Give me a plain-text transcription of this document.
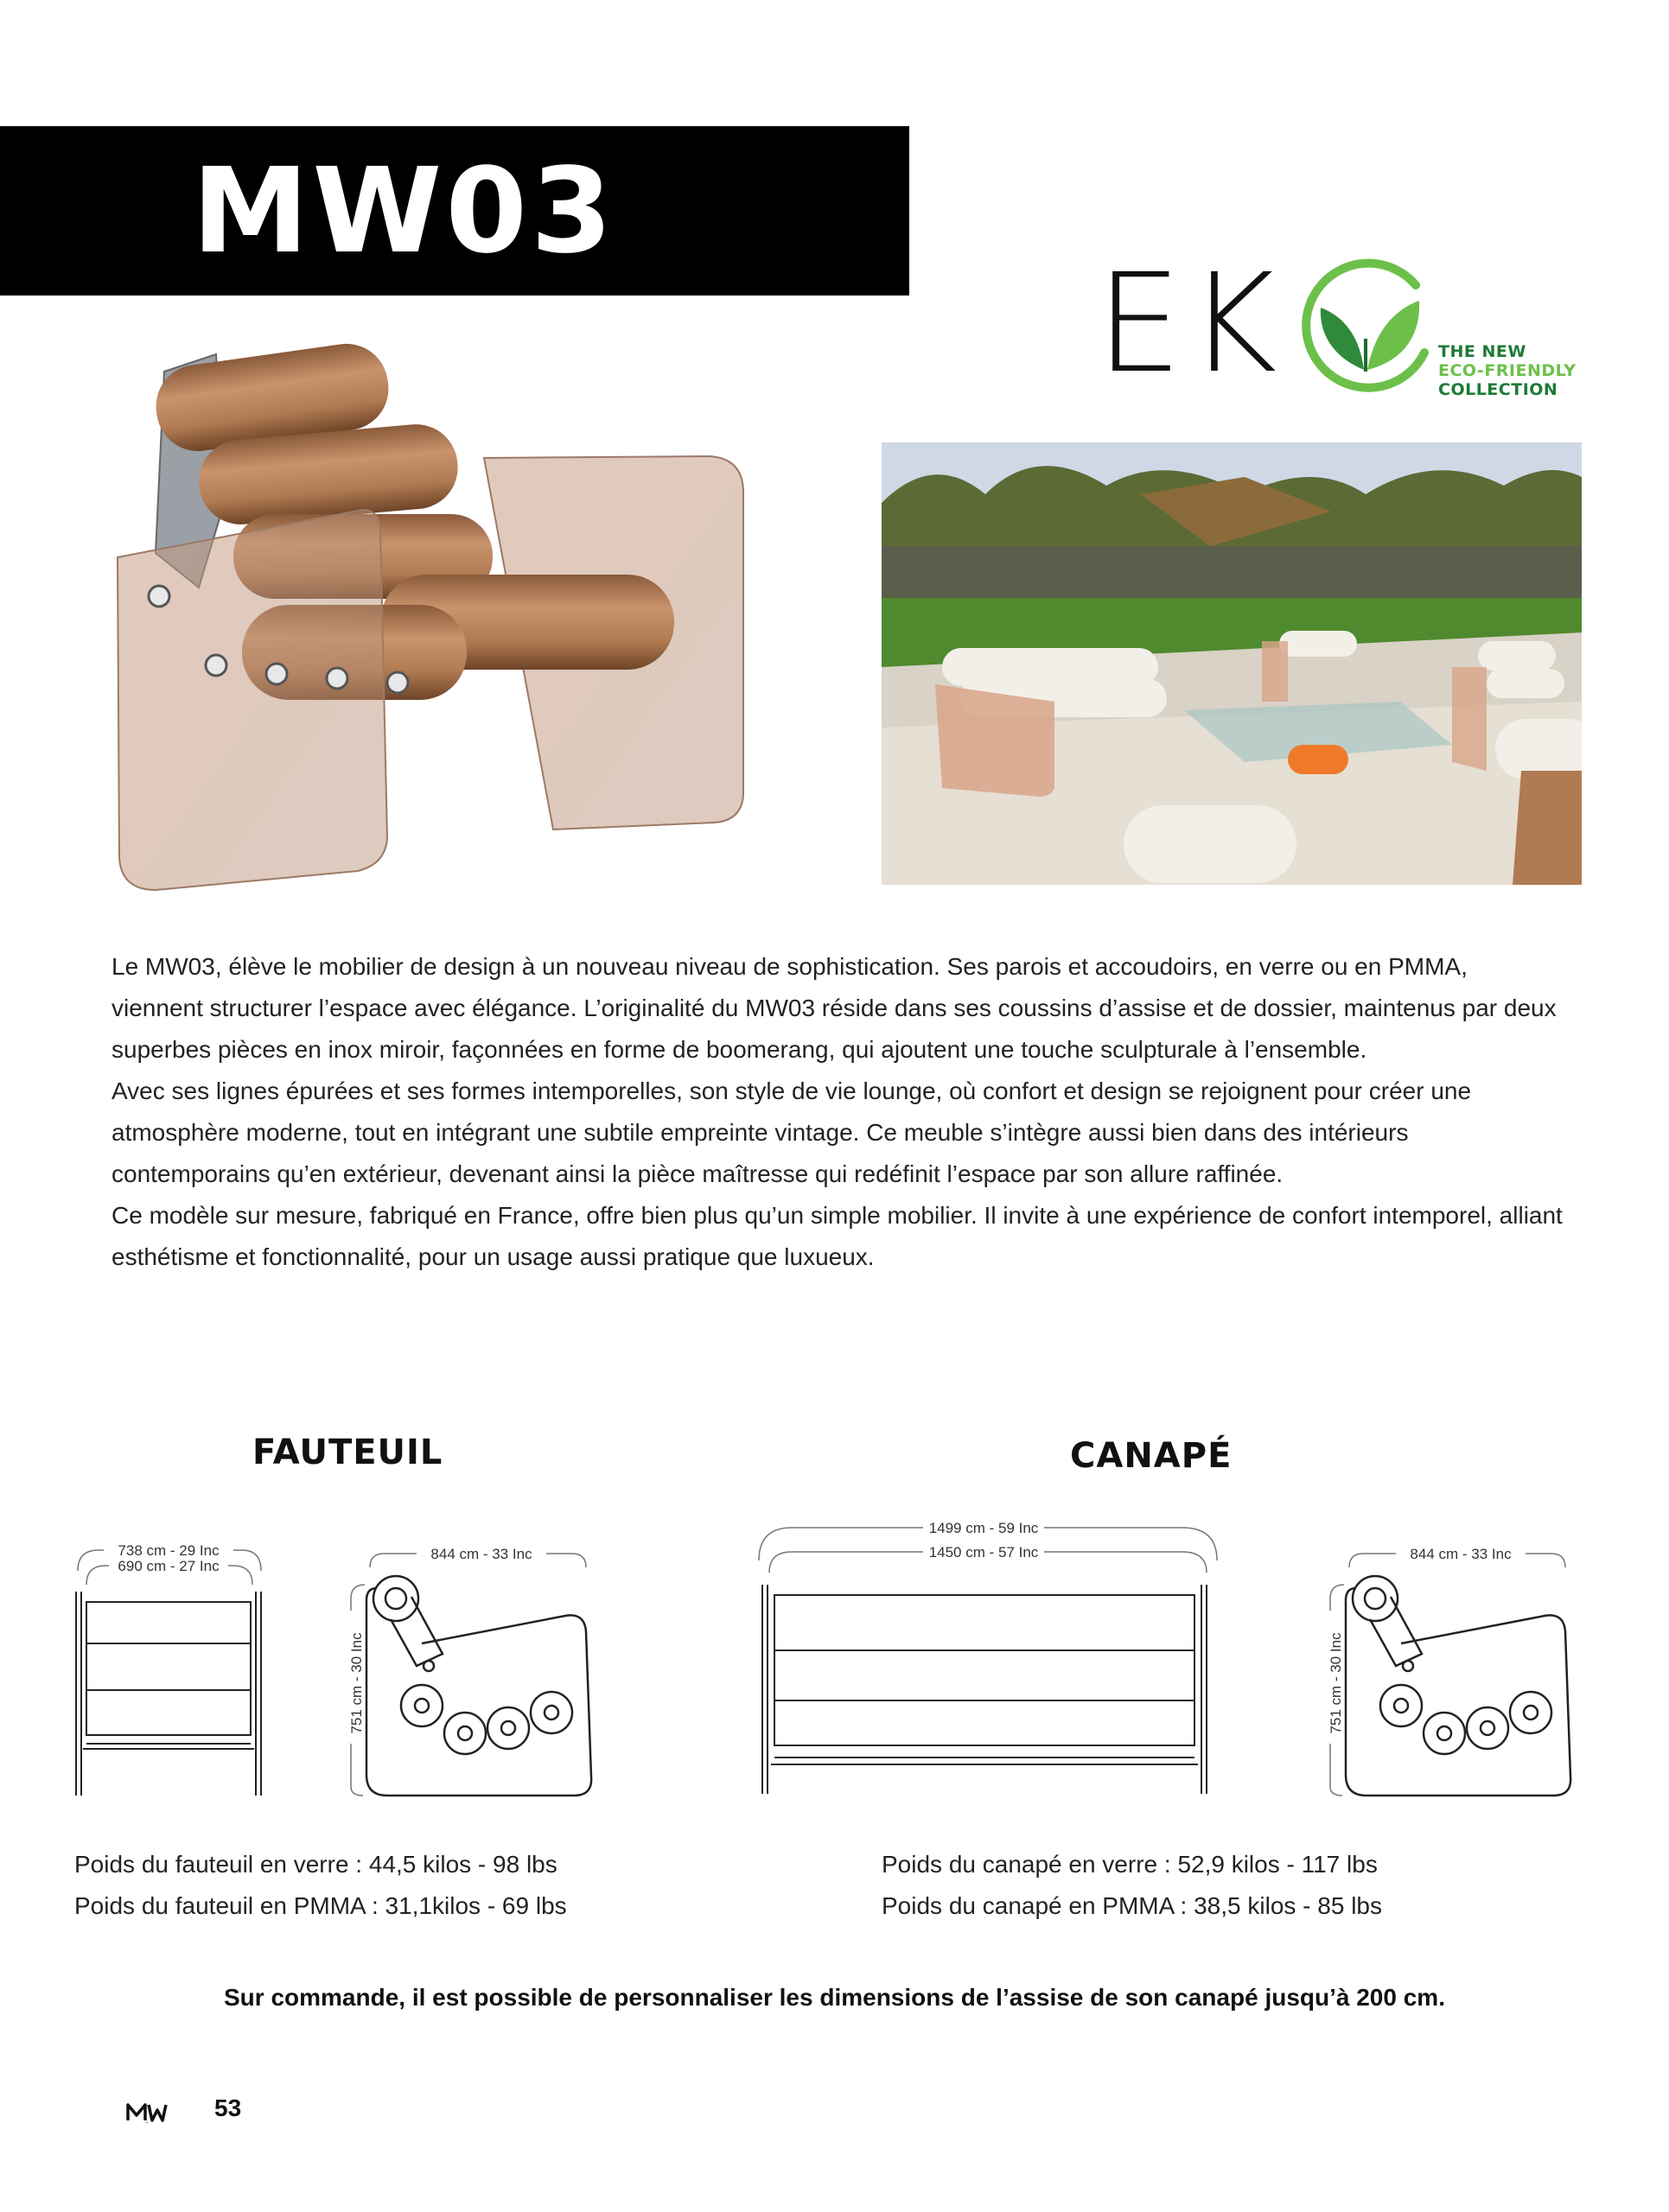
MW03
EK	THE NEW
ECO-FRIENDLY
COLLECTION

Le MW03, élève le mobilier de design à un nouveau niveau de sophistication. Ses parois et accoudoirs, en verre ou en PMMA, viennent structurer l’espace avec élégance. L’originalité du MW03 réside dans ses coussins d’assise et de dossier, maintenus par deux superbes pièces en inox miroir, façonnées en forme de boomerang, qui ajoutent une touche sculpturale à l’ensemble.

Avec ses lignes épurées et ses formes intemporelles, son style de vie lounge, où confort et design se rejoignent pour créer une atmosphère moderne, tout en intégrant une subtile empreinte vintage. Ce meuble s’intègre aussi bien dans des intérieurs contemporains qu’en extérieur, devenant ainsi la pièce maîtresse qui redéfinit l’espace par son allure raffinée.

Ce modèle sur mesure, fabriqué en France, offre bien plus qu’un simple mobilier. Il invite à une expérience de confort intemporel, alliant esthétisme et fonctionnalité, pour un usage aussi pratique que luxueux.

FAUTEUIL	CANAPÉ
738 cm - 29 Inc
690 cm - 27 Inc
844 cm - 33 Inc
751 cm - 30 Inc
1499 cm - 59 Inc
1450 cm - 57 Inc	844 cm - 33 Inc
751 cm - 30 Inc
Poids du fauteuil en verre : 44,5 kilos - 98 lbs
Poids du fauteuil en PMMA : 31,1kilos - 69 lbs
Poids du canapé en verre : 52,9 kilos - 117 lbs
Poids du canapé en PMMA : 38,5 kilos - 85 lbs
Sur commande, il est possible de personnaliser les dimensions de l’assise de son canapé jusqu’à 200 cm.
MW
53
